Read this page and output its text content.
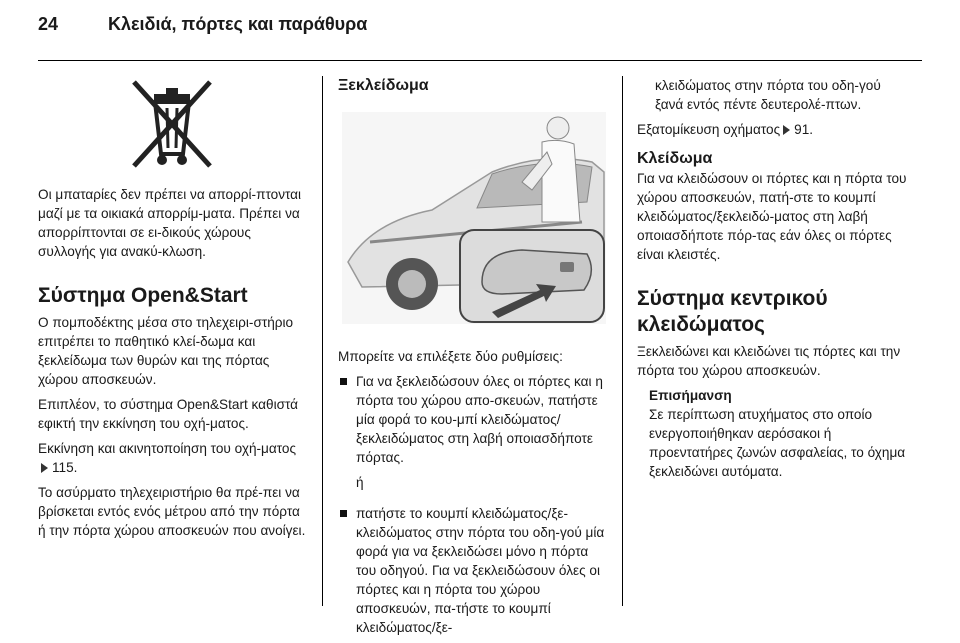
24	Κλειδιά, πόρτες και παράθυρα

Οι μπαταρίες δεν πρέπει να απορρί-πτονται μαζί με τα οικιακά απορρίμ-ματα. Πρέπει να απορρίπτονται σε ει-δικούς χώρους συλλογής για ανακύ-κλωση.

Σύστημα Open&Start

Ο πομποδέκτης μέσα στο τηλεχειρι-στήριο επιτρέπει το παθητικό κλεί-δωμα και ξεκλείδωμα των θυρών και της πόρτας χώρου αποσκευών.

Επιπλέον, το σύστημα Open&Start καθιστά εφικτή την εκκίνηση του οχή-ματος.

Εκκίνηση και ακινητοποίηση του οχή-ματος115.

Το ασύρματο τηλεχειριστήριο θα πρέ-πει να βρίσκεται εντός ενός μέτρου από την πόρτα ή την πόρτα χώρου αποσκευών που ανοίγει.

Ξεκλείδωμα

Μπορείτε να επιλέξετε δύο ρυθμίσεις:

Για να ξεκλειδώσουν όλες οι πόρτες και η πόρτα του χώρου απο-σκευών, πατήστε μία φορά το κου-μπί κλειδώματος/ξεκλειδώματος στη λαβή οποιασδήποτε πόρτας.
ή
πατήστε το κουμπί κλειδώματος/ξε-κλειδώματος στην πόρτα του οδη-γού μία φορά για να ξεκλειδώσει μόνο η πόρτα του οδηγού. Για να ξεκλειδώσουν όλες οι πόρτες και η πόρτα του χώρου αποσκευών, πα-τήστε το κουμπί κλειδώματος/ξε-

κλειδώματος στην πόρτα του οδη-γού ξανά εντός πέντε δευτερολέ-πτων.

Εξατομίκευση οχήματος 91.

Κλείδωμα

Για να κλειδώσουν οι πόρτες και η πόρτα του χώρου αποσκευών, πατή-στε το κουμπί κλειδώματος/ξεκλειδώ-ματος στη λαβή οποιασδήποτε πόρ-τας εάν όλες οι πόρτες είναι κλειστές.

Σύστημα κεντρικού κλειδώματος

Ξεκλειδώνει και κλειδώνει τις πόρτες και την πόρτα του χώρου αποσκευών.

Επισήμανση
Σε περίπτωση ατυχήματος στο οποίο ενεργοποιήθηκαν αερόσακοι ή προεντατήρες ζωνών ασφαλείας, το όχημα ξεκλειδώνει αυτόματα.
